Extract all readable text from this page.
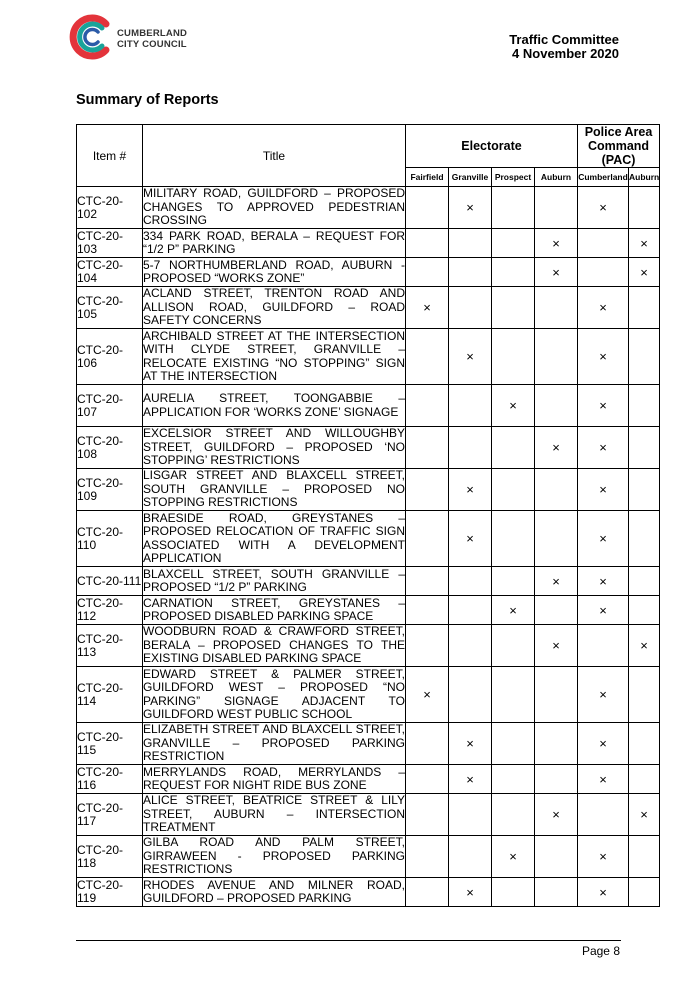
CUMBERLAND
CITY COUNCIL	Traffic Committee
4 November 2020
Summary of Reports
Item #	Title	Electorate				Police Area Command (PAC)	
		Fairfield	Granville	Prospect	Auburn	Cumberland	Auburn
CTC-20-102	MILITARY ROAD, GUILDFORD – PROPOSED CHANGES TO APPROVED PEDESTRIAN CROSSING		×			×	
CTC-20-103	334 PARK ROAD, BERALA – REQUEST FOR “1/2 P” PARKING				×		×
CTC-20-104	5-7 NORTHUMBERLAND ROAD, AUBURN - PROPOSED “WORKS ZONE”				×		×
CTC-20-105	ACLAND STREET, TRENTON ROAD AND ALLISON ROAD, GUILDFORD – ROAD SAFETY CONCERNS	×				×	
CTC-20-106	ARCHIBALD STREET AT THE INTERSECTION WITH CLYDE STREET, GRANVILLE – RELOCATE EXISTING “NO STOPPING” SIGN AT THE INTERSECTION		×			×	
CTC-20-107	AURELIA STREET, TOONGABBIE – APPLICATION FOR ‘WORKS ZONE’ SIGNAGE			×		×	
CTC-20-108	EXCELSIOR STREET AND WILLOUGHBY STREET, GUILDFORD – PROPOSED ‘NO STOPPING’ RESTRICTIONS				×	×	
CTC-20-109	LISGAR STREET AND BLAXCELL STREET, SOUTH GRANVILLE – PROPOSED NO STOPPING RESTRICTIONS		×			×	
CTC-20-110	BRAESIDE ROAD, GREYSTANES – PROPOSED RELOCATION OF TRAFFIC SIGN ASSOCIATED WITH A DEVELOPMENT APPLICATION		×			×	
CTC-20-111	BLAXCELL STREET, SOUTH GRANVILLE – PROPOSED “1/2 P” PARKING				×	×	
CTC-20-112	CARNATION STREET, GREYSTANES – PROPOSED DISABLED PARKING SPACE			×		×	
CTC-20-113	WOODBURN ROAD & CRAWFORD STREET, BERALA – PROPOSED CHANGES TO THE EXISTING DISABLED PARKING SPACE				×		×
CTC-20-114	EDWARD STREET & PALMER STREET, GUILDFORD WEST – PROPOSED “NO PARKING” SIGNAGE ADJACENT TO GUILDFORD WEST PUBLIC SCHOOL	×				×	
CTC-20-115	ELIZABETH STREET AND BLAXCELL STREET, GRANVILLE – PROPOSED PARKING RESTRICTION		×			×	
CTC-20-116	MERRYLANDS ROAD, MERRYLANDS – REQUEST FOR NIGHT RIDE BUS ZONE		×			×	
CTC-20-117	ALICE STREET, BEATRICE STREET & LILY STREET, AUBURN – INTERSECTION TREATMENT				×		×
CTC-20-118	GILBA ROAD AND PALM STREET, GIRRAWEEN - PROPOSED PARKING RESTRICTIONS			×		×	
CTC-20-119	RHODES AVENUE AND MILNER ROAD, GUILDFORD – PROPOSED PARKING		×			×	
Page 8
